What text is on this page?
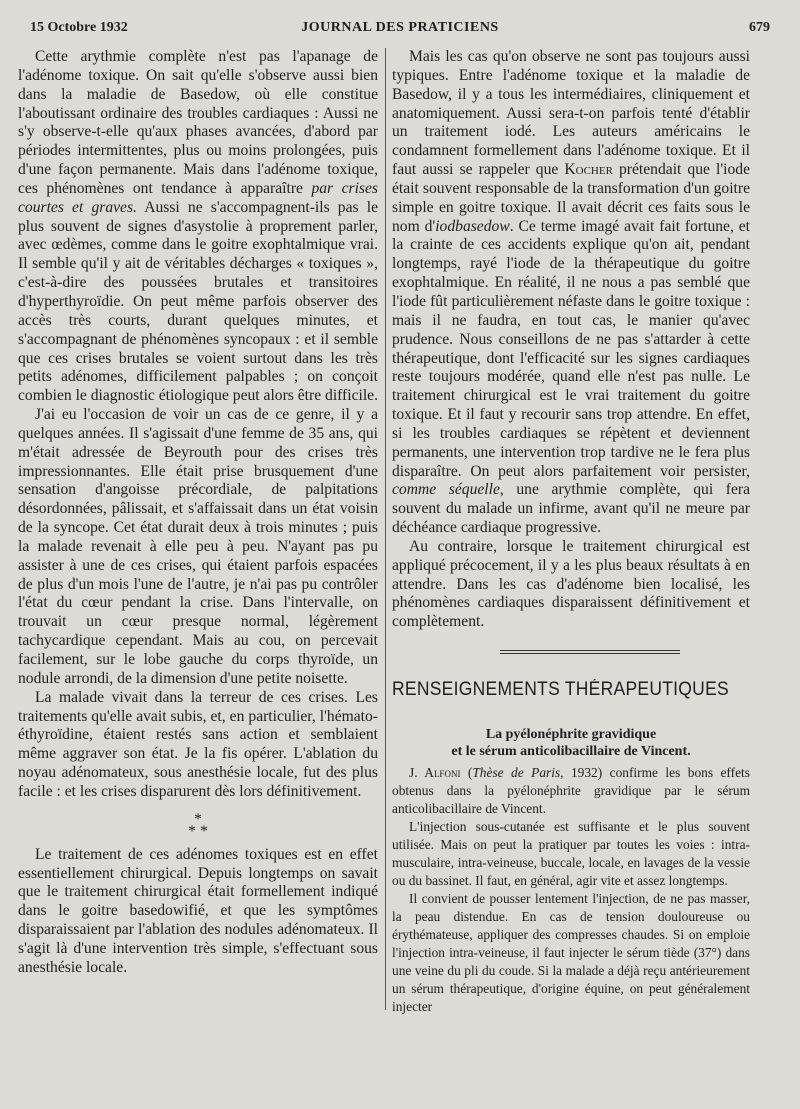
15 Octobre 1932	JOURNAL DES PRATICIENS	679

Cette arythmie complète n'est pas l'apanage de l'adénome toxique. On sait qu'elle s'observe aussi bien dans la maladie de Basedow, où elle constitue l'aboutissant ordinaire des troubles cardiaques : Aussi ne s'y observe-t-elle qu'aux phases avancées, d'abord par périodes intermittentes, plus ou moins prolongées, puis d'une façon permanente. Mais dans l'adénome toxique, ces phénomènes ont tendance à apparaître par crises courtes et graves. Aussi ne s'accompagnent-ils pas le plus souvent de signes d'asystolie à proprement parler, avec œdèmes, comme dans le goitre exophtalmique vrai. Il semble qu'il y ait de véritables décharges « toxiques », c'est-à-dire des poussées brutales et transitoires d'hyperthyroïdie. On peut même parfois observer des accès très courts, durant quelques minutes, et s'accompagnant de phénomènes syncopaux : et il semble que ces crises brutales se voient surtout dans les très petits adénomes, difficilement palpables ; on conçoit combien le diagnostic étiologique peut alors être difficile.

J'ai eu l'occasion de voir un cas de ce genre, il y a quelques années. Il s'agissait d'une femme de 35 ans, qui m'était adressée de Beyrouth pour des crises très impressionnantes. Elle était prise brusquement d'une sensation d'angoisse précordiale, de palpitations désordonnées, pâlissait, et s'affaissait dans un état voisin de la syncope. Cet état durait deux à trois minutes ; puis la malade revenait à elle peu à peu. N'ayant pas pu assister à une de ces crises, qui étaient parfois espacées de plus d'un mois l'une de l'autre, je n'ai pas pu contrôler l'état du cœur pendant la crise. Dans l'intervalle, on trouvait un cœur presque normal, légèrement tachycardique cependant. Mais au cou, on percevait facilement, sur le lobe gauche du corps thyroïde, un nodule arrondi, de la dimension d'une petite noisette.

La malade vivait dans la terreur de ces crises. Les traitements qu'elle avait subis, et, en particulier, l'hémato-éthyroïdine, étaient restés sans action et semblaient même aggraver son état. Je la fis opérer. L'ablation du noyau adénomateux, sous anesthésie locale, fut des plus facile : et les crises disparurent dès lors définitivement.

*
* *

Le traitement de ces adénomes toxiques est en effet essentiellement chirurgical. Depuis longtemps on savait que le traitement chirurgical était formellement indiqué dans le goitre basedowifié, et que les symptômes disparaissaient par l'ablation des nodules adénomateux. Il s'agit là d'une intervention très simple, s'effectuant sous anesthésie locale.

Mais les cas qu'on observe ne sont pas toujours aussi typiques. Entre l'adénome toxique et la maladie de Basedow, il y a tous les intermédiaires, cliniquement et anatomiquement. Aussi sera-t-on parfois tenté d'établir un traitement iodé. Les auteurs américains le condamnent formellement dans l'adénome toxique. Et il faut aussi se rappeler que Kocher prétendait que l'iode était souvent responsable de la transformation d'un goitre simple en goitre toxique. Il avait décrit ces faits sous le nom d'iodbasedow. Ce terme imagé avait fait fortune, et la crainte de ces accidents explique qu'on ait, pendant longtemps, rayé l'iode de la thérapeutique du goitre exophtalmique. En réalité, il ne nous a pas semblé que l'iode fût particulièrement néfaste dans le goitre toxique : mais il ne faudra, en tout cas, le manier qu'avec prudence. Nous conseillons de ne pas s'attarder à cette thérapeutique, dont l'efficacité sur les signes cardiaques reste toujours modérée, quand elle n'est pas nulle. Le traitement chirurgical est le vrai traitement du goitre toxique. Et il faut y recourir sans trop attendre. En effet, si les troubles cardiaques se répètent et deviennent permanents, une intervention trop tardive ne le fera plus disparaître. On peut alors parfaitement voir persister, comme séquelle, une arythmie complète, qui fera souvent du malade un infirme, avant qu'il ne meure par déchéance cardiaque progressive.

Au contraire, lorsque le traitement chirurgical est appliqué précocement, il y a les plus beaux résultats à en attendre. Dans les cas d'adénome bien localisé, les phénomènes cardiaques disparaissent définitivement et complètement.

RENSEIGNEMENTS THÉRAPEUTIQUES
La pyélonéphrite gravidique
et le sérum anticolibacillaire de Vincent.

J. Alfoni (Thèse de Paris, 1932) confirme les bons effets obtenus dans la pyélonéphrite gravidique par le sérum anticolibacillaire de Vincent.

L'injection sous-cutanée est suffisante et le plus souvent utilisée. Mais on peut la pratiquer par toutes les voies : intra-musculaire, intra-veineuse, buccale, locale, en lavages de la vessie ou du bassinet. Il faut, en général, agir vite et assez longtemps.

Il convient de pousser lentement l'injection, de ne pas masser, la peau distendue. En cas de tension douloureuse ou érythémateuse, appliquer des compresses chaudes. Si on emploie l'injection intra-veineuse, il faut injecter le sérum tiède (37°) dans une veine du pli du coude. Si la malade a déjà reçu antérieurement un sérum thérapeutique, d'origine équine, on peut généralement injecter
